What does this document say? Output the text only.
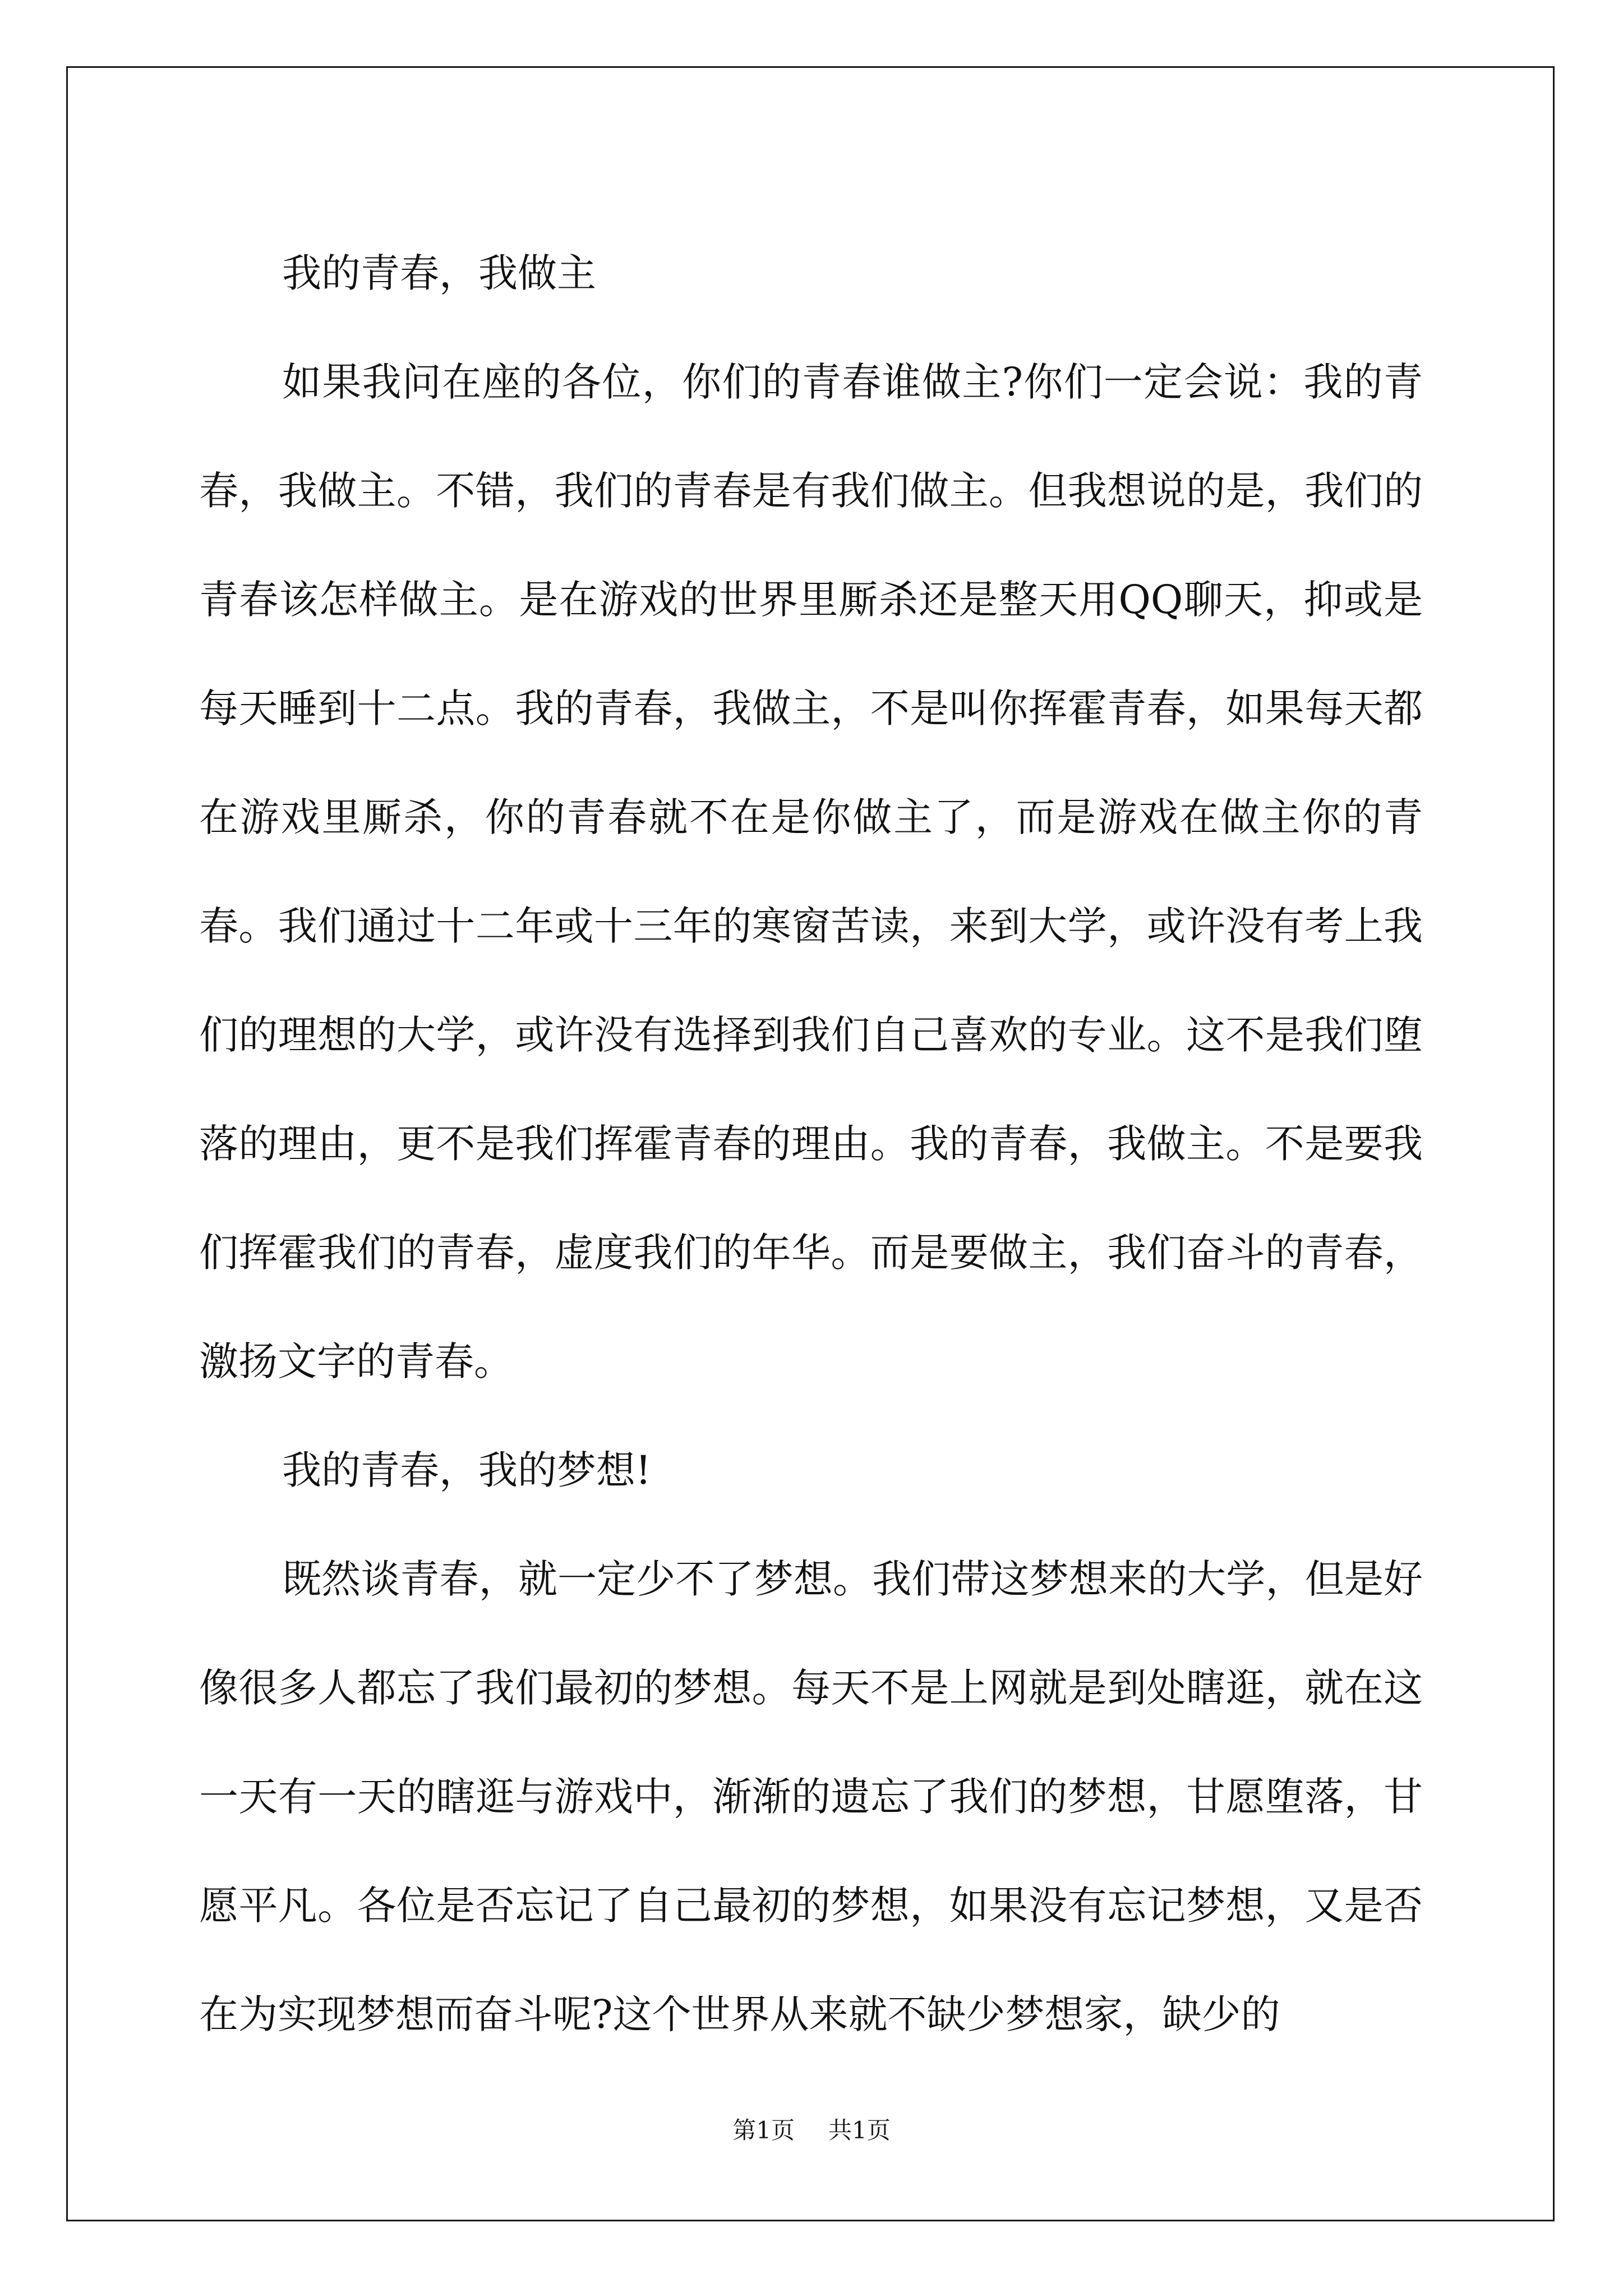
我的青春，我做主

如果我问在座的各位，你们的青春谁做主?你们一定会说：我的青春，我做主。不错，我们的青春是有我们做主。但我想说的是，我们的青春该怎样做主。是在游戏的世界里厮杀还是整天用QQ聊天，抑或是每天睡到十二点。我的青春，我做主，不是叫你挥霍青春，如果每天都在游戏里厮杀，你的青春就不在是你做主了，而是游戏在做主你的青春。我们通过十二年或十三年的寒窗苦读，来到大学，或许没有考上我们的理想的大学，或许没有选择到我们自己喜欢的专业。这不是我们堕落的理由，更不是我们挥霍青春的理由。我的青春，我做主。不是要我们挥霍我们的青春，虚度我们的年华。而是要做主，我们奋斗的青春，激扬文字的青春。

我的青春，我的梦想!

既然谈青春，就一定少不了梦想。我们带这梦想来的大学，但是好像很多人都忘了我们最初的梦想。每天不是上网就是到处瞎逛，就在这一天有一天的瞎逛与游戏中，渐渐的遗忘了我们的梦想，甘愿堕落，甘愿平凡。各位是否忘记了自己最初的梦想，如果没有忘记梦想，又是否在为实现梦想而奋斗呢?这个世界从来就不缺少梦想家，缺少的

第1页 共1页
